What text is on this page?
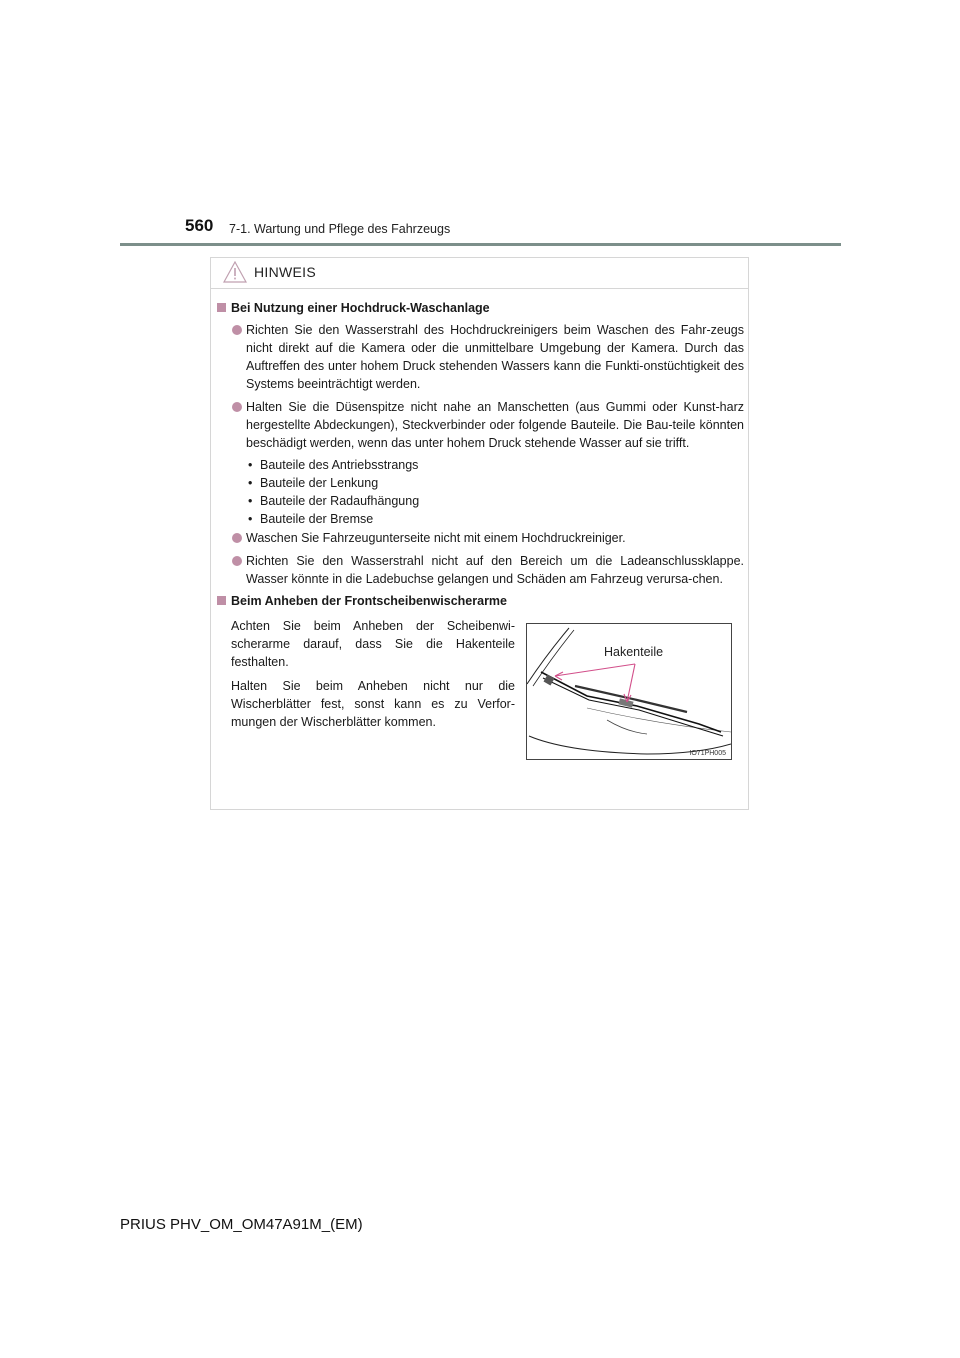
560 7-1. Wartung und Pflege des Fahrzeugs
HINWEIS
Bei Nutzung einer Hochdruck-Waschanlage
Richten Sie den Wasserstrahl des Hochdruckreinigers beim Waschen des Fahr-zeugs nicht direkt auf die Kamera oder die unmittelbare Umgebung der Kamera. Durch das Auftreffen des unter hohem Druck stehenden Wassers kann die Funkti-onstüchtigkeit des Systems beeinträchtigt werden.
Halten Sie die Düsenspitze nicht nahe an Manschetten (aus Gummi oder Kunst-harz hergestellte Abdeckungen), Steckverbinder oder folgende Bauteile. Die Bau-teile könnten beschädigt werden, wenn das unter hohem Druck stehende Wasser auf sie trifft.
• Bauteile des Antriebsstrangs
• Bauteile der Lenkung
• Bauteile der Radaufhängung
• Bauteile der Bremse
Waschen Sie Fahrzeugunterseite nicht mit einem Hochdruckreiniger.
Richten Sie den Wasserstrahl nicht auf den Bereich um die Ladeanschlussklappe. Wasser könnte in die Ladebuchse gelangen und Schäden am Fahrzeug verursa-chen.
Beim Anheben der Frontscheibenwischerarme

Achten Sie beim Anheben der Scheibenwi-scherarme darauf, dass Sie die Hakenteile festhalten.

Halten Sie beim Anheben nicht nur die Wischerblätter fest, sonst kann es zu Verfor-mungen der Wischerblätter kommen.

Hakenteile
IO71PH005
PRIUS PHV_OM_OM47A91M_(EM)
